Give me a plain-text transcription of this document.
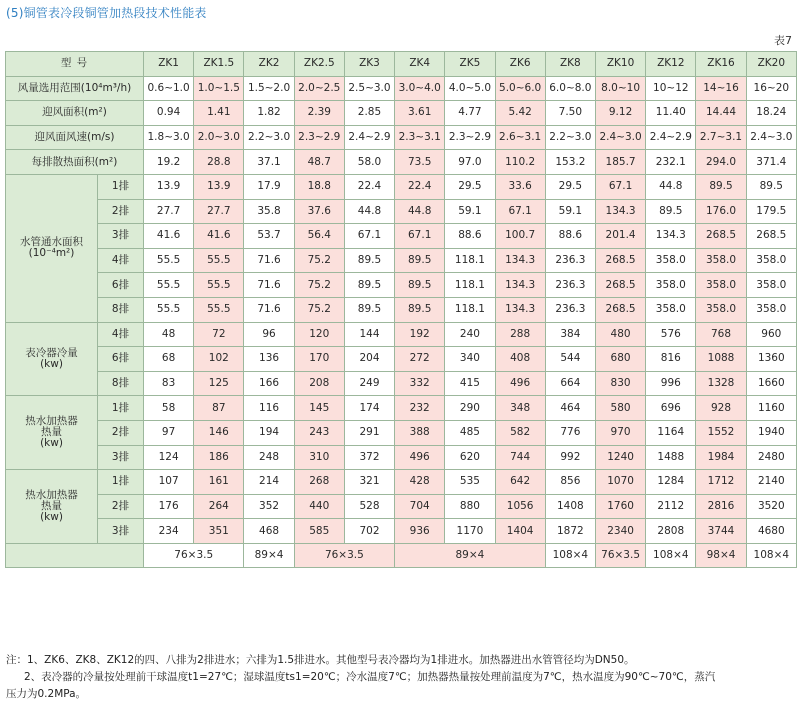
(5)铜管表冷段铜管加热段技术性能表
表7
型 号		ZK1	ZK1.5	ZK2	ZK2.5	ZK3	ZK4	ZK5	ZK6	ZK8	ZK10	ZK12	ZK16	ZK20
风量选用范围(10⁴m³/h)		0.6~1.0	1.0~1.5	1.5~2.0	2.0~2.5	2.5~3.0	3.0~4.0	4.0~5.0	5.0~6.0	6.0~8.0	8.0~10	10~12	14~16	16~20
迎风面积(m²)		0.94	1.41	1.82	2.39	2.85	3.61	4.77	5.42	7.50	9.12	11.40	14.44	18.24
迎风面风速(m/s)		1.8~3.0	2.0~3.0	2.2~3.0	2.3~2.9	2.4~2.9	2.3~3.1	2.3~2.9	2.6~3.1	2.2~3.0	2.4~3.0	2.4~2.9	2.7~3.1	2.4~3.0
每排散热面积(m²)		19.2	28.8	37.1	48.7	58.0	73.5	97.0	110.2	153.2	185.7	232.1	294.0	371.4

水管通水面积
(10⁻⁴m²)	1排	13.9	13.9	17.9	18.8	22.4	22.4	29.5	33.6	29.5	67.1	44.8	89.5	89.5
	2排	27.7	27.7	35.8	37.6	44.8	44.8	59.1	67.1	59.1	134.3	89.5	176.0	179.5
	3排	41.6	41.6	53.7	56.4	67.1	67.1	88.6	100.7	88.6	201.4	134.3	268.5	268.5
	4排	55.5	55.5	71.6	75.2	89.5	89.5	118.1	134.3	236.3	268.5	358.0	358.0	358.0
	6排	55.5	55.5	71.6	75.2	89.5	89.5	118.1	134.3	236.3	268.5	358.0	358.0	358.0
	8排	55.5	55.5	71.6	75.2	89.5	89.5	118.1	134.3	236.3	268.5	358.0	358.0	358.0

表冷器冷量
(kw)	4排	48	72	96	120	144	192	240	288	384	480	576	768	960
	6排	68	102	136	170	204	272	340	408	544	680	816	1088	1360
	8排	83	125	166	208	249	332	415	496	664	830	996	1328	1660

热水加热器
热量
(kw)	1排	58	87	116	145	174	232	290	348	464	580	696	928	1160
	2排	97	146	194	243	291	388	485	582	776	970	1164	1552	1940
	3排	124	186	248	310	372	496	620	744	992	1240	1488	1984	2480

热水加热器
热量
(kw)	1排	107	161	214	268	321	428	535	642	856	1070	1284	1712	2140
	2排	176	264	352	440	528	704	880	1056	1408	1760	2112	2816	3520
	3排	234	351	468	585	702	936	1170	1404	1872	2340	2808	3744	4680
		76×3.5		89×4	76×3.5		89×4			108×4	76×3.5	108×4	98×4	108×4
注：1、ZK6、ZK8、ZK12的四、八排为2排进水；六排为1.5排进水。其他型号表冷器均为1排进水。加热器进出水管管径均为DN50。
2、表冷器的冷量按处理前干球温度t1=27℃；湿球温度ts1=20℃；冷水温度7℃；加热器热量按处理前温度为7℃，热水温度为90℃~70℃，蒸汽
压力为0.2MPa。
